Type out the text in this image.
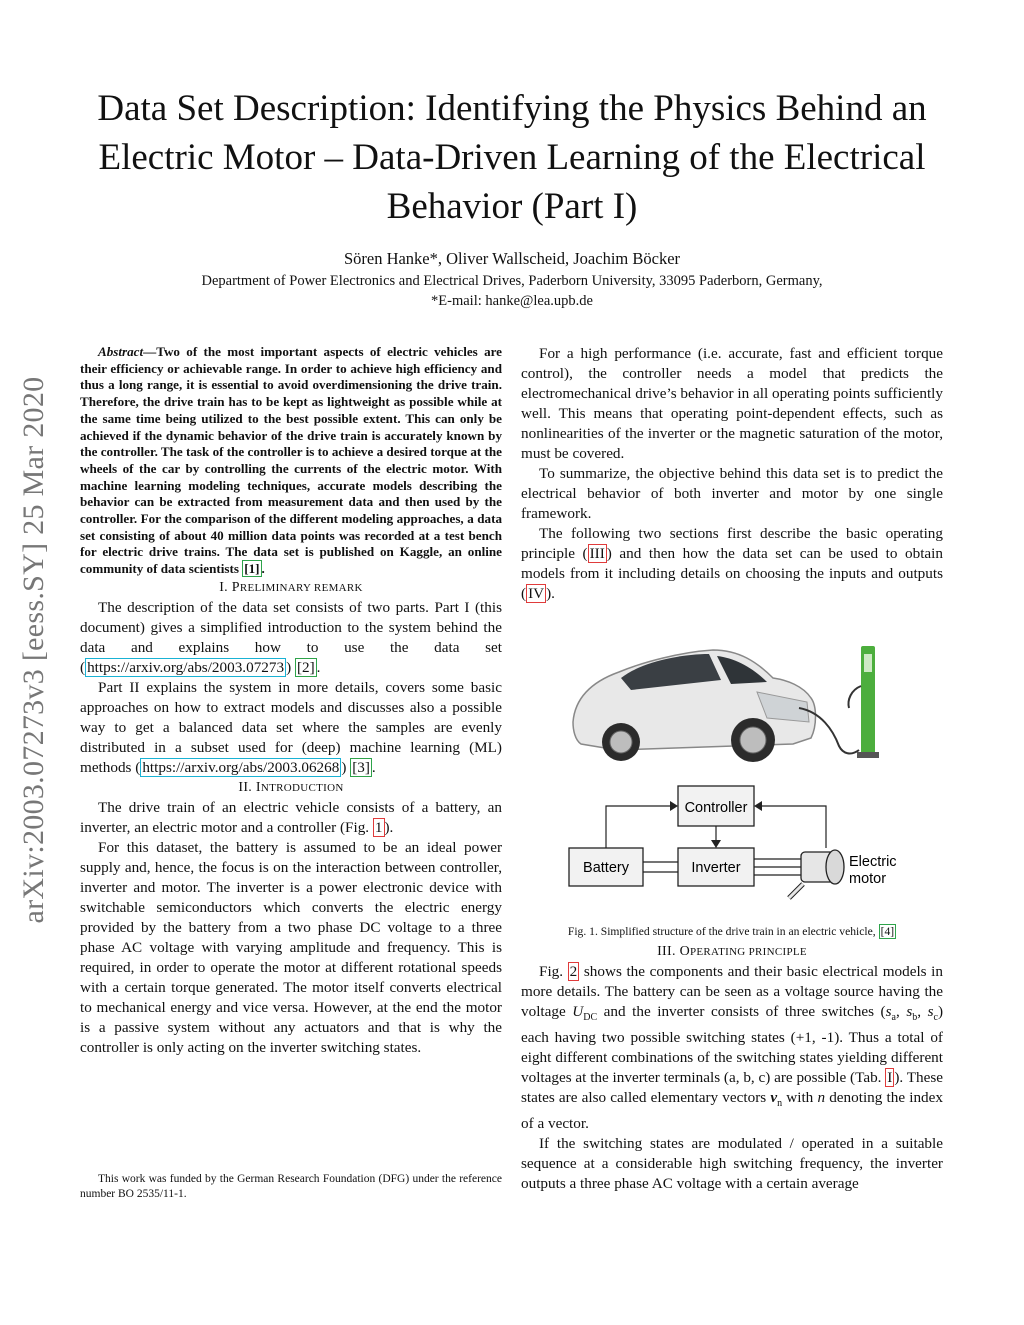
Data Set Description: Identifying the Physics Behind an Electric Motor – Data-Driven Learning of the Electrical Behavior (Part I)
Sören Hanke*, Oliver Wallscheid, Joachim Böcker
Department of Power Electronics and Electrical Drives, Paderborn University, 33095 Paderborn, Germany,
*E-mail: hanke@lea.upb.de
arXiv:2003.07273v3 [eess.SY] 25 Mar 2020

Abstract—Two of the most important aspects of electric vehicles are their efficiency or achievable range. In order to achieve high efficiency and thus a long range, it is essential to avoid overdimensioning the drive train. Therefore, the drive train has to be kept as lightweight as possible while at the same time being utilized to the best possible extent. This can only be achieved if the dynamic behavior of the drive train is accurately known by the controller. The task of the controller is to achieve a desired torque at the wheels of the car by controlling the currents of the electric motor. With machine learning modeling techniques, accurate models describing the behavior can be extracted from measurement data and then used by the controller. For the comparison of the different modeling approaches, a data set consisting of about 40 million data points was recorded at a test bench for electric drive trains. The data set is published on Kaggle, an online community of data scientists [1] .

I. PRELIMINARY REMARK

The description of the data set consists of two parts. Part I (this document) gives a simplified introduction to the system behind the data and explains how to use the data set ( https://arxiv.org/abs/2003.07273 ) [2] .

Part II explains the system in more details, covers some basic approaches on how to extract models and discusses also a possible way to get a balanced data set where the samples are evenly distributed in a subset used for (deep) machine learning (ML) methods ( https://arxiv.org/abs/2003.06268 ) [3] .

II. INTRODUCTION

The drive train of an electric vehicle consists of a battery, an inverter, an electric motor and a controller (Fig. 1 ).

For this dataset, the battery is assumed to be an ideal power supply and, hence, the focus is on the interaction between controller, inverter and motor. The inverter is a power electronic device with switchable semiconductors which converts the electric energy provided by the battery from a two phase DC voltage to a three phase AC voltage with varying amplitude and frequency. This is required, in order to operate the motor at different rotational speeds with a certain torque generated. The motor itself converts electrical to mechanical energy and vice versa. However, at the end the motor is a passive system without any actuators and that is why the controller is only acting on the inverter switching states.

This work was funded by the German Research Foundation (DFG) under the reference number BO 2535/11-1.

For a high performance (i.e. accurate, fast and efficient torque control), the controller needs a model that predicts the electromechanical drive’s behavior in all operating points sufficiently well. This means that operating point-dependent effects, such as nonlinearities of the inverter or the magnetic saturation of the motor, must be covered.

To summarize, the objective behind this data set is to predict the electrical behavior of both inverter and motor by one single framework.

The following two sections first describe the basic operating principle ( III ) and then how the data set can be used to obtain models from it including details on choosing the inputs and outputs ( IV ).

Controller
Battery	Inverter	Electric
motor

Fig. 1. Simplified structure of the drive train in an electric vehicle, [4]

III. OPERATING PRINCIPLE

Fig. 2 shows the components and their basic electrical models in more details. The battery can be seen as a voltage source having the voltage $U_{DC}$ and the inverter consists of three switches ($s_a$, $s_b$, $s_c$) each having two possible switching states (+1, -1). Thus a total of eight different combinations of the switching states yielding different voltages at the inverter terminals (a, b, c) are possible (Tab. I ). These states are also called elementary vectors $v_n$ with n denoting the index of a vector.

If the switching states are modulated / operated in a suitable sequence at a considerable high switching frequency, the inverter outputs a three phase AC voltage with a certain average
